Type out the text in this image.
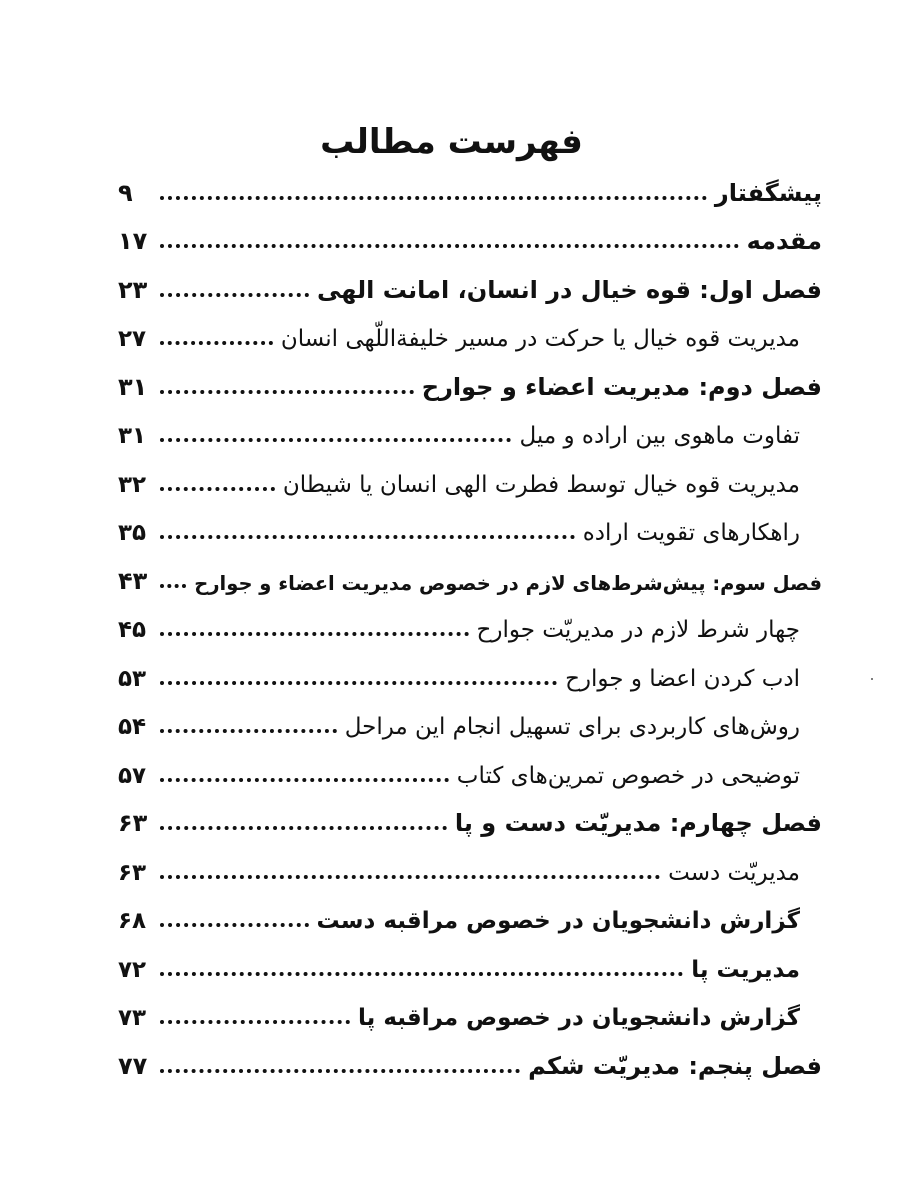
فهرست مطالب
پیشگفتار
۹
مقدمه
۱۷
فصل اول: قوه خیال در انسان، امانت الهی
۲۳
مدیریت قوه خیال یا حرکت در مسیر خلیفةاللّهی انسان
۲۷
فصل دوم: مدیریت اعضاء و جوارح
۳۱
تفاوت ماهوی بین اراده و میل
۳۱
مدیریت قوه خیال توسط فطرت الهی انسان یا شیطان
۳۲
راهکارهای تقویت اراده
۳۵
فصل سوم: پیش‌شرط‌های لازم در خصوص مدیریت اعضاء و جوارح
۴۳
چهار شرط لازم در مدیریّت جوارح
۴۵
ادب کردن اعضا و جوارح
۵۳
روش‌های کاربردی برای تسهیل انجام این مراحل
۵۴
توضیحی در خصوص تمرین‌های کتاب
۵۷
فصل چهارم: مدیریّت دست و پا
۶۳
مدیریّت دست
۶۳
گزارش دانشجویان در خصوص مراقبه دست
۶۸
مدیریت پا
۷۲
گزارش دانشجویان در خصوص مراقبه پا
۷۳
فصل پنجم: مدیریّت شکم
۷۷
